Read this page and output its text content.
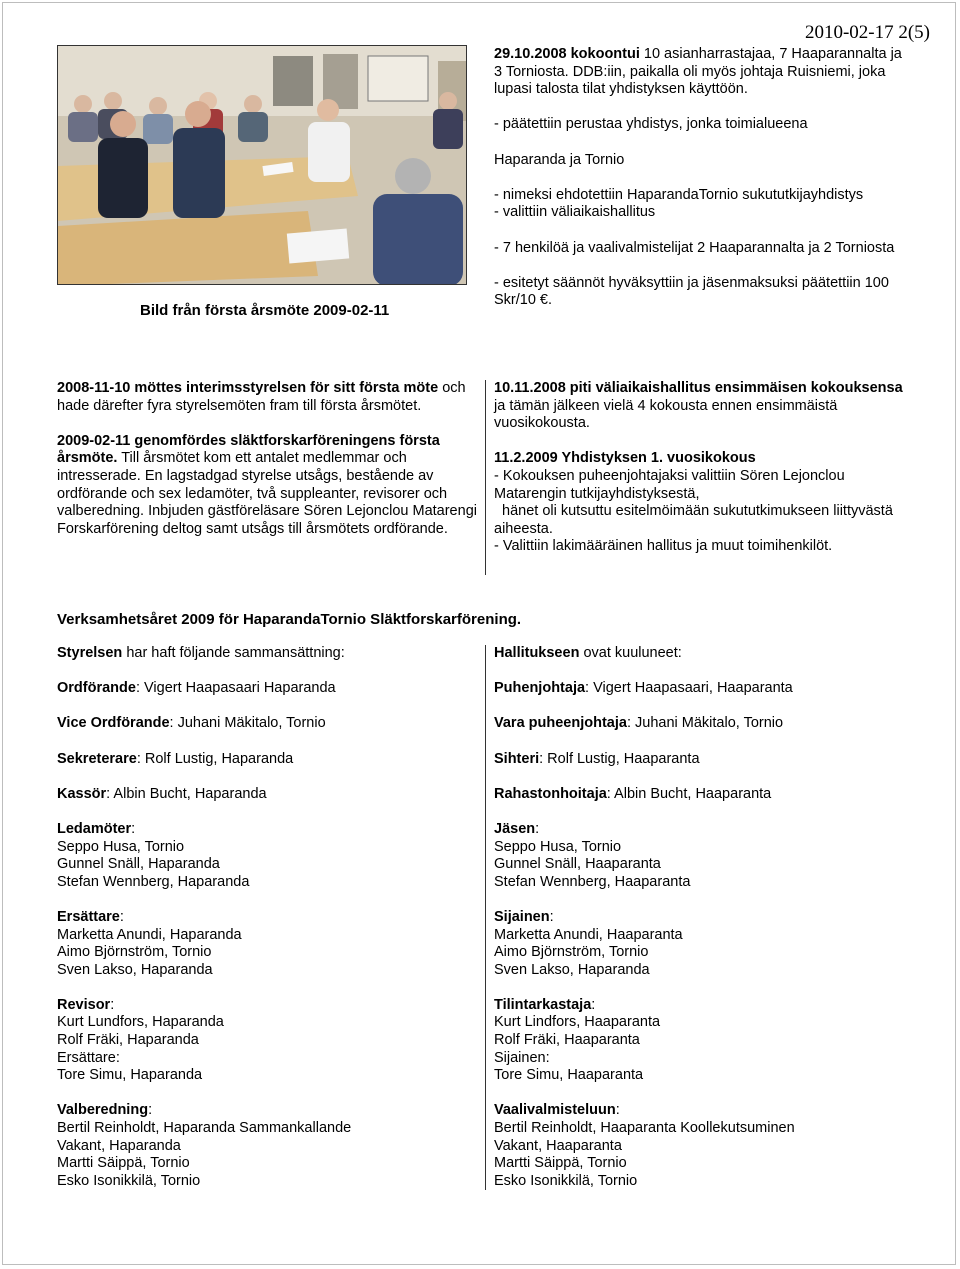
2010-02-17 2(5)
Bild från första årsmöte 2009-02-11

29.10.2008 kokoontui 10 asianharrastajaa, 7 Haaparannalta ja 3 Torniosta. DDB:iin, paikalla oli myös johtaja Ruisniemi, joka lupasi talosta tilat yhdistyksen käyttöön.

- päätettiin perustaa yhdistys, jonka toimialueena

Haparanda ja Tornio

- nimeksi ehdotettiin HaparandaTornio sukututkijayhdistys
- valittiin väliaikaishallitus

- 7 henkilöä ja vaalivalmistelijat 2 Haaparannalta ja 2 Torniosta

- esitetyt säännöt hyväksyttiin ja jäsenmaksuksi päätettiin 100 Skr/10 €.

2008-11-10 möttes interimsstyrelsen för sitt första möte och hade därefter fyra styrelsemöten fram till första årsmötet.

2009-02-11 genomfördes släktforskarföreningens första årsmöte. Till årsmötet kom ett antalet medlemmar och intresserade. En lagstadgad styrelse utsågs, bestående av ordförande och sex ledamöter, två suppleanter, revisorer och valberedning. Inbjuden gästföreläsare Sören Lejonclou Matarengi Forskarförening deltog samt utsågs till årsmötets ordförande.

10.11.2008 piti väliaikaishallitus ensimmäisen kokouksensa ja tämän jälkeen vielä 4 kokousta ennen ensimmäistä vuosikokousta.

11.2.2009 Yhdistyksen 1. vuosikokous
- Kokouksen puheenjohtajaksi valittiin Sören Lejonclou Matarengin tutkijayhdistyksestä,
hänet oli kutsuttu esitelmöimään sukututkimukseen liittyvästä aiheesta.
- Valittiin lakimääräinen hallitus ja muut toimihenkilöt.

Verksamhetsåret 2009 för HaparandaTornio Släktforskarförening.
Styrelsen har haft följande sammansättning:
Ordförande: Vigert Haapasaari Haparanda
Vice Ordförande: Juhani Mäkitalo, Tornio
Sekreterare: Rolf Lustig, Haparanda
Kassör: Albin Bucht, Haparanda
Ledamöter:
Seppo Husa, Tornio
Gunnel Snäll, Haparanda
Stefan Wennberg, Haparanda
Ersättare:
Marketta Anundi, Haparanda
Aimo Björnström, Tornio
Sven Lakso, Haparanda
Revisor:
Kurt Lundfors, Haparanda
Rolf Fräki, Haparanda
Ersättare:
Tore Simu, Haparanda
Valberedning:
Bertil Reinholdt, Haparanda Sammankallande
Vakant, Haparanda
Martti Säippä, Tornio
Esko Isonikkilä, Tornio
Hallitukseen ovat kuuluneet:
Puhenjohtaja: Vigert Haapasaari, Haaparanta
Vara puheenjohtaja: Juhani Mäkitalo, Tornio
Sihteri: Rolf Lustig, Haaparanta
Rahastonhoitaja: Albin Bucht, Haaparanta
Jäsen:
Seppo Husa, Tornio
Gunnel Snäll, Haaparanta
Stefan Wennberg, Haaparanta
Sijainen:
Marketta Anundi, Haaparanta
Aimo Björnström, Tornio
Sven Lakso, Haparanda
Tilintarkastaja:
Kurt Lindfors, Haaparanta
Rolf Fräki, Haaparanta
Sijainen:
Tore Simu, Haaparanta
Vaalivalmisteluun:
Bertil Reinholdt, Haaparanta Koollekutsuminen
Vakant, Haaparanta
Martti Säippä, Tornio
Esko Isonikkilä, Tornio
